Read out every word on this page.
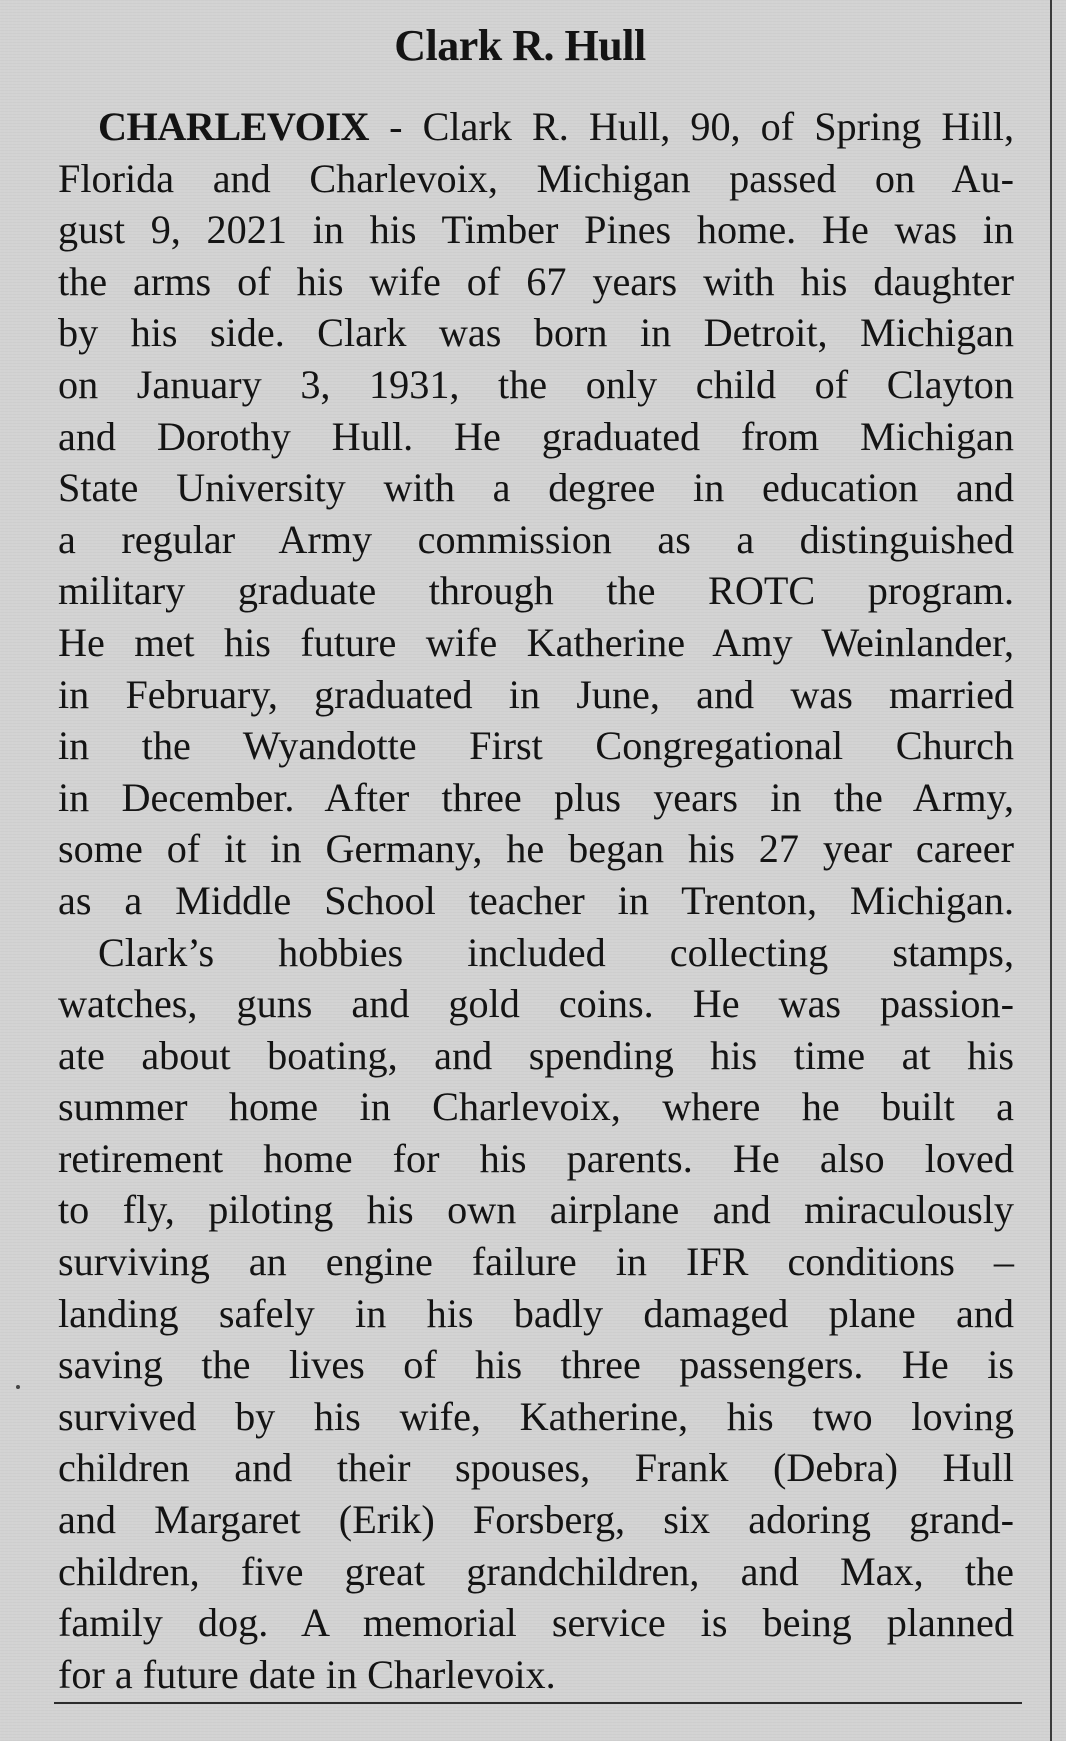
Clark R. Hull
CHARLEVOIX - Clark R. Hull, 90, of Spring Hill,
Florida and Charlevoix, Michigan passed on Au-
gust 9, 2021 in his Timber Pines home. He was in
the arms of his wife of 67 years with his daughter
by his side. Clark was born in Detroit, Michigan
on January 3, 1931, the only child of Clayton
and Dorothy Hull. He graduated from Michigan
State University with a degree in education and
a regular Army commission as a distinguished
military graduate through the ROTC program.
He met his future wife Katherine Amy Weinlander,
in February, graduated in June, and was married
in the Wyandotte First Congregational Church
in December. After three plus years in the Army,
some of it in Germany, he began his 27 year career
as a Middle School teacher in Trenton, Michigan.
Clark’s hobbies included collecting stamps,
watches, guns and gold coins. He was passion-
ate about boating, and spending his time at his
summer home in Charlevoix, where he built a
retirement home for his parents. He also loved
to fly, piloting his own airplane and miraculously
surviving an engine failure in IFR conditions –
landing safely in his badly damaged plane and
saving the lives of his three passengers. He is
survived by his wife, Katherine, his two loving
children and their spouses, Frank (Debra) Hull
and Margaret (Erik) Forsberg, six adoring grand-
children, five great grandchildren, and Max, the
family dog. A memorial service is being planned
for a future date in Charlevoix.
